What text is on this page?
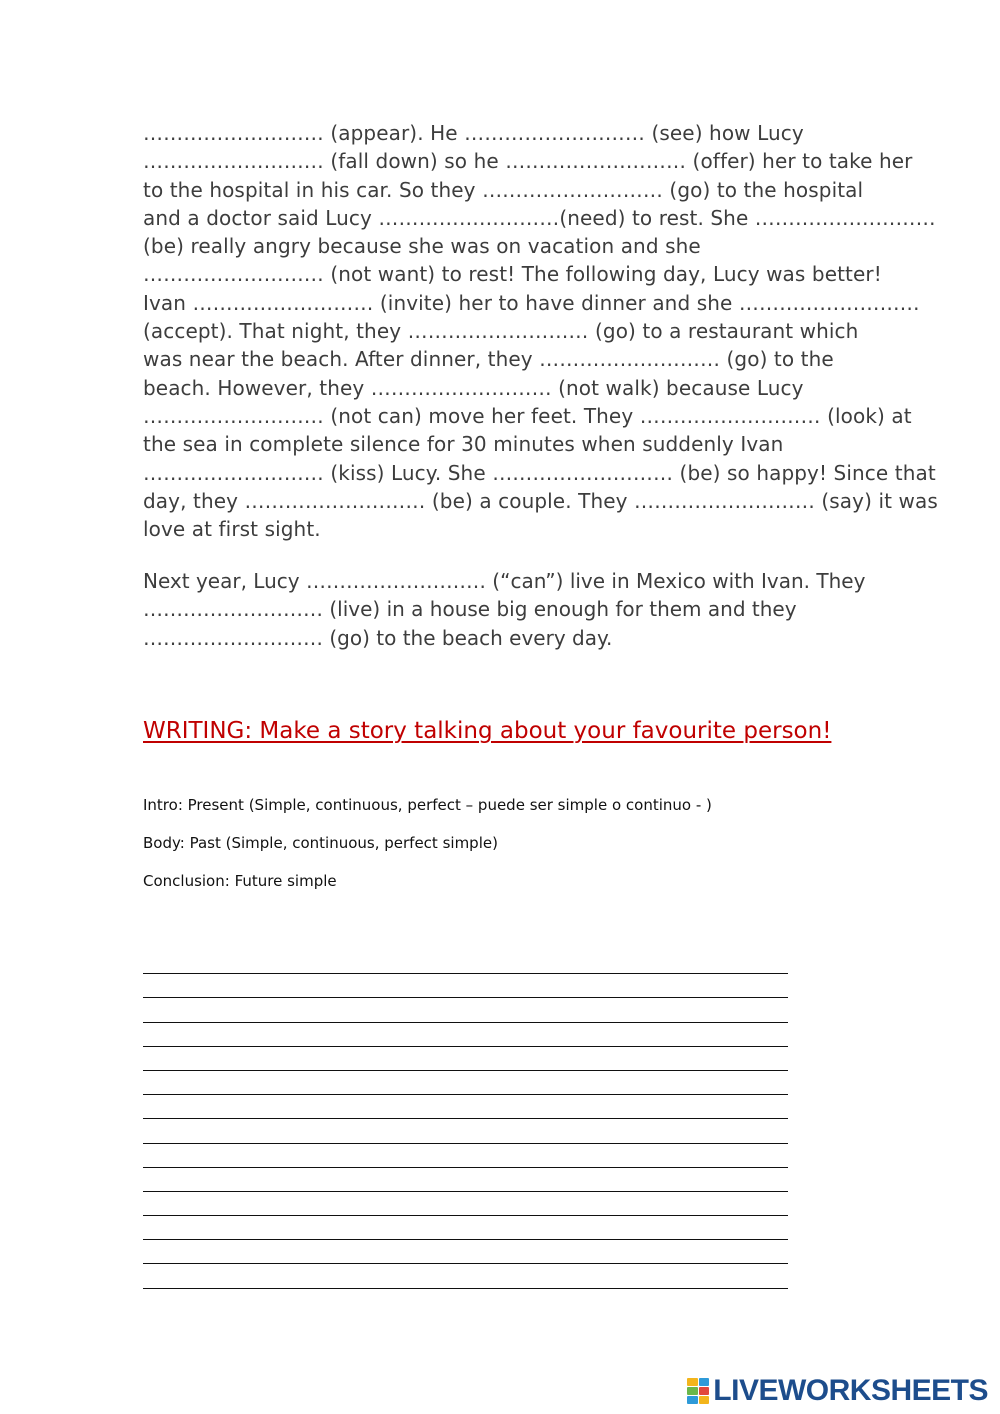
……………………… (appear). He ……………………… (see) how Lucy
……………………… (fall down) so he ……………………… (offer) her to take her
to the hospital in his car. So they ……………………… (go) to the hospital
and a doctor said Lucy ………………………(need) to rest. She ………………………
(be) really angry because she was on vacation and she
……………………… (not want) to rest! The following day, Lucy was better!
Ivan ……………………… (invite) her to have dinner and she ………………………
(accept). That night, they ……………………… (go) to a restaurant which
was near the beach. After dinner, they ……………………… (go) to the
beach. However, they ……………………… (not walk) because Lucy
……………………… (not can) move her feet. They ……………………… (look) at
the sea in complete silence for 30 minutes when suddenly Ivan
……………………… (kiss) Lucy. She ……………………… (be) so happy! Since that
day, they ……………………… (be) a couple. They ……………………… (say) it was
love at first sight.
Next year, Lucy ……………………… (“can”) live in Mexico with Ivan. They
……………………… (live) in a house big enough for them and they
……………………… (go) to the beach every day.
WRITING: Make a story talking about your favourite person!
Intro: Present (Simple, continuous, perfect – puede ser simple o continuo - )
Body: Past (Simple, continuous, perfect simple)
Conclusion: Future simple
LIVEWORKSHEETS
